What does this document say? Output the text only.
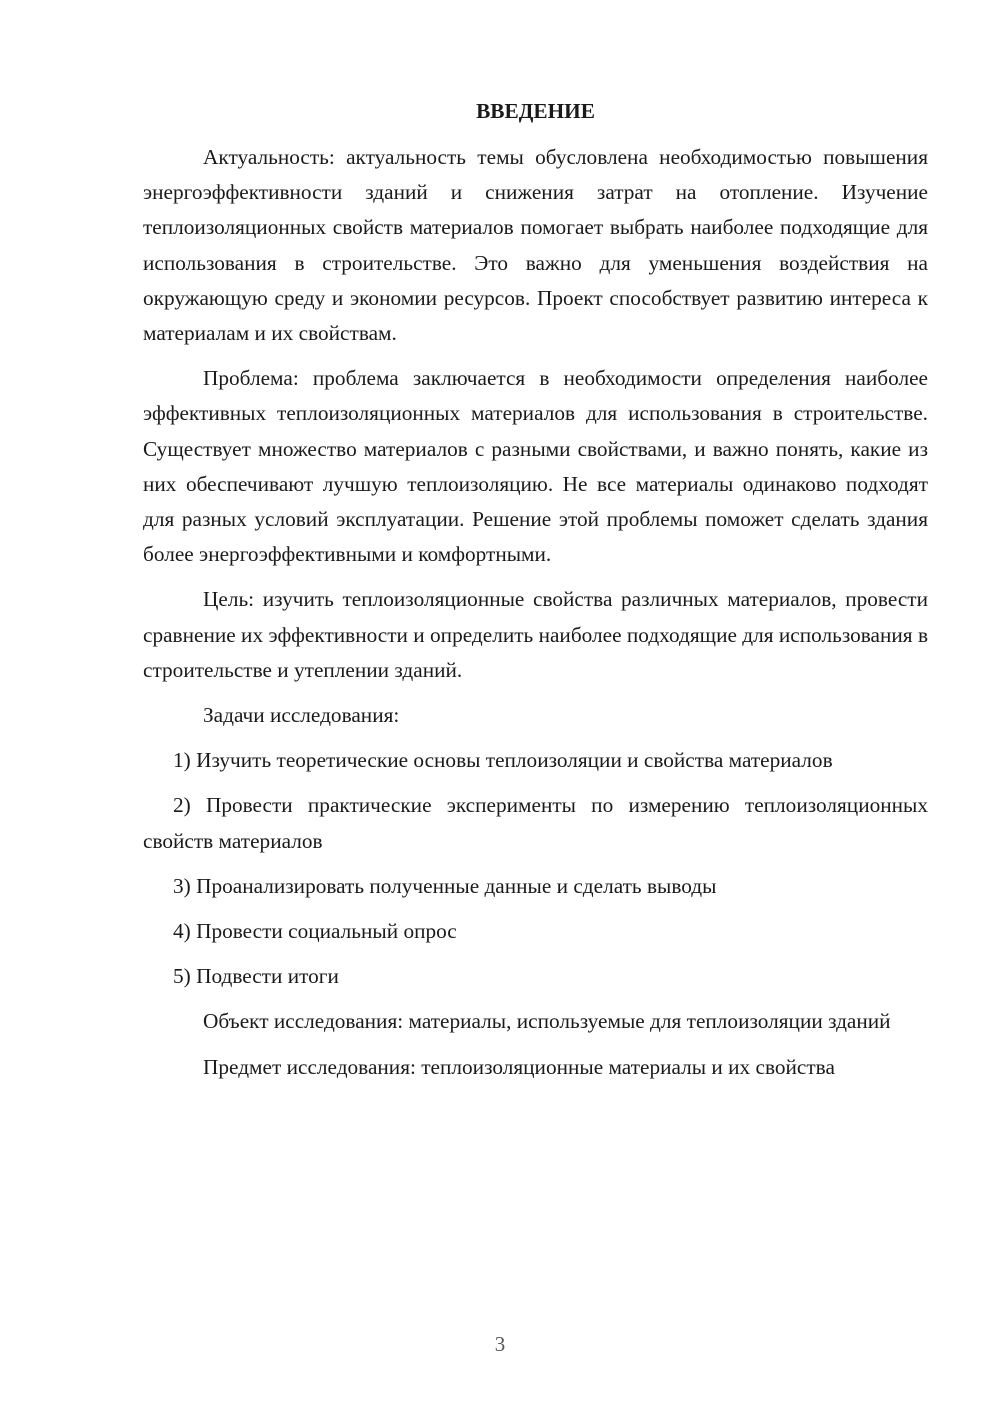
ВВЕДЕНИЕ

Актуальность: актуальность темы обусловлена необходимостью повышения энергоэффективности зданий и снижения затрат на отопление. Изучение теплоизоляционных свойств материалов помогает выбрать наиболее подходящие для использования в строительстве. Это важно для уменьшения воздействия на окружающую среду и экономии ресурсов. Проект способствует развитию интереса к материалам и их свойствам.

Проблема: проблема заключается в необходимости определения наиболее эффективных теплоизоляционных материалов для использования в строительстве. Существует множество материалов с разными свойствами, и важно понять, какие из них обеспечивают лучшую теплоизоляцию. Не все материалы одинаково подходят для разных условий эксплуатации. Решение этой проблемы поможет сделать здания более энергоэффективными и комфортными.

Цель: изучить теплоизоляционные свойства различных материалов, провести сравнение их эффективности и определить наиболее подходящие для использования в строительстве и утеплении зданий.

Задачи исследования:

1) Изучить теоретические основы теплоизоляции и свойства материалов

2) Провести практические эксперименты по измерению теплоизоляционных свойств материалов

3) Проанализировать полученные данные и сделать выводы

4) Провести социальный опрос

5) Подвести итоги

Объект исследования: материалы, используемые для теплоизоляции зданий

Предмет исследования: теплоизоляционные материалы и их свойства

3
